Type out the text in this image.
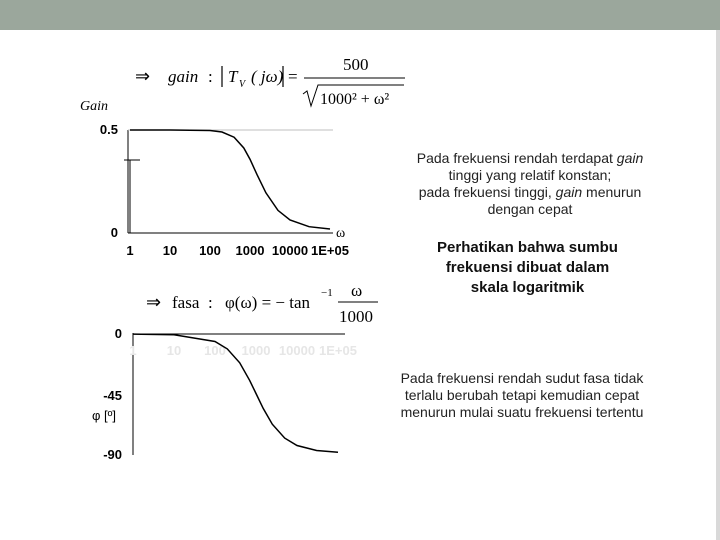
⇒ gain : T V ( jω) =
500
1000² + ω²
Gain
0.5
0
1 10 100 1000 10000 1E+05
ω
⇒ fasa : φ(ω) = − tan −1 ω
1000
0
-45
-90
φ [º]
1 10 100 1000 10000 1E+05
Pada frekuensi rendah terdapat gain
tinggi yang relatif konstan;
pada frekuensi tinggi, gain menurun
dengan cepat
Perhatikan bahwa sumbu
frekuensi dibuat dalam
skala logaritmik
Pada frekuensi rendah sudut fasa tidak
terlalu berubah tetapi kemudian cepat
menurun mulai suatu frekuensi tertentu
